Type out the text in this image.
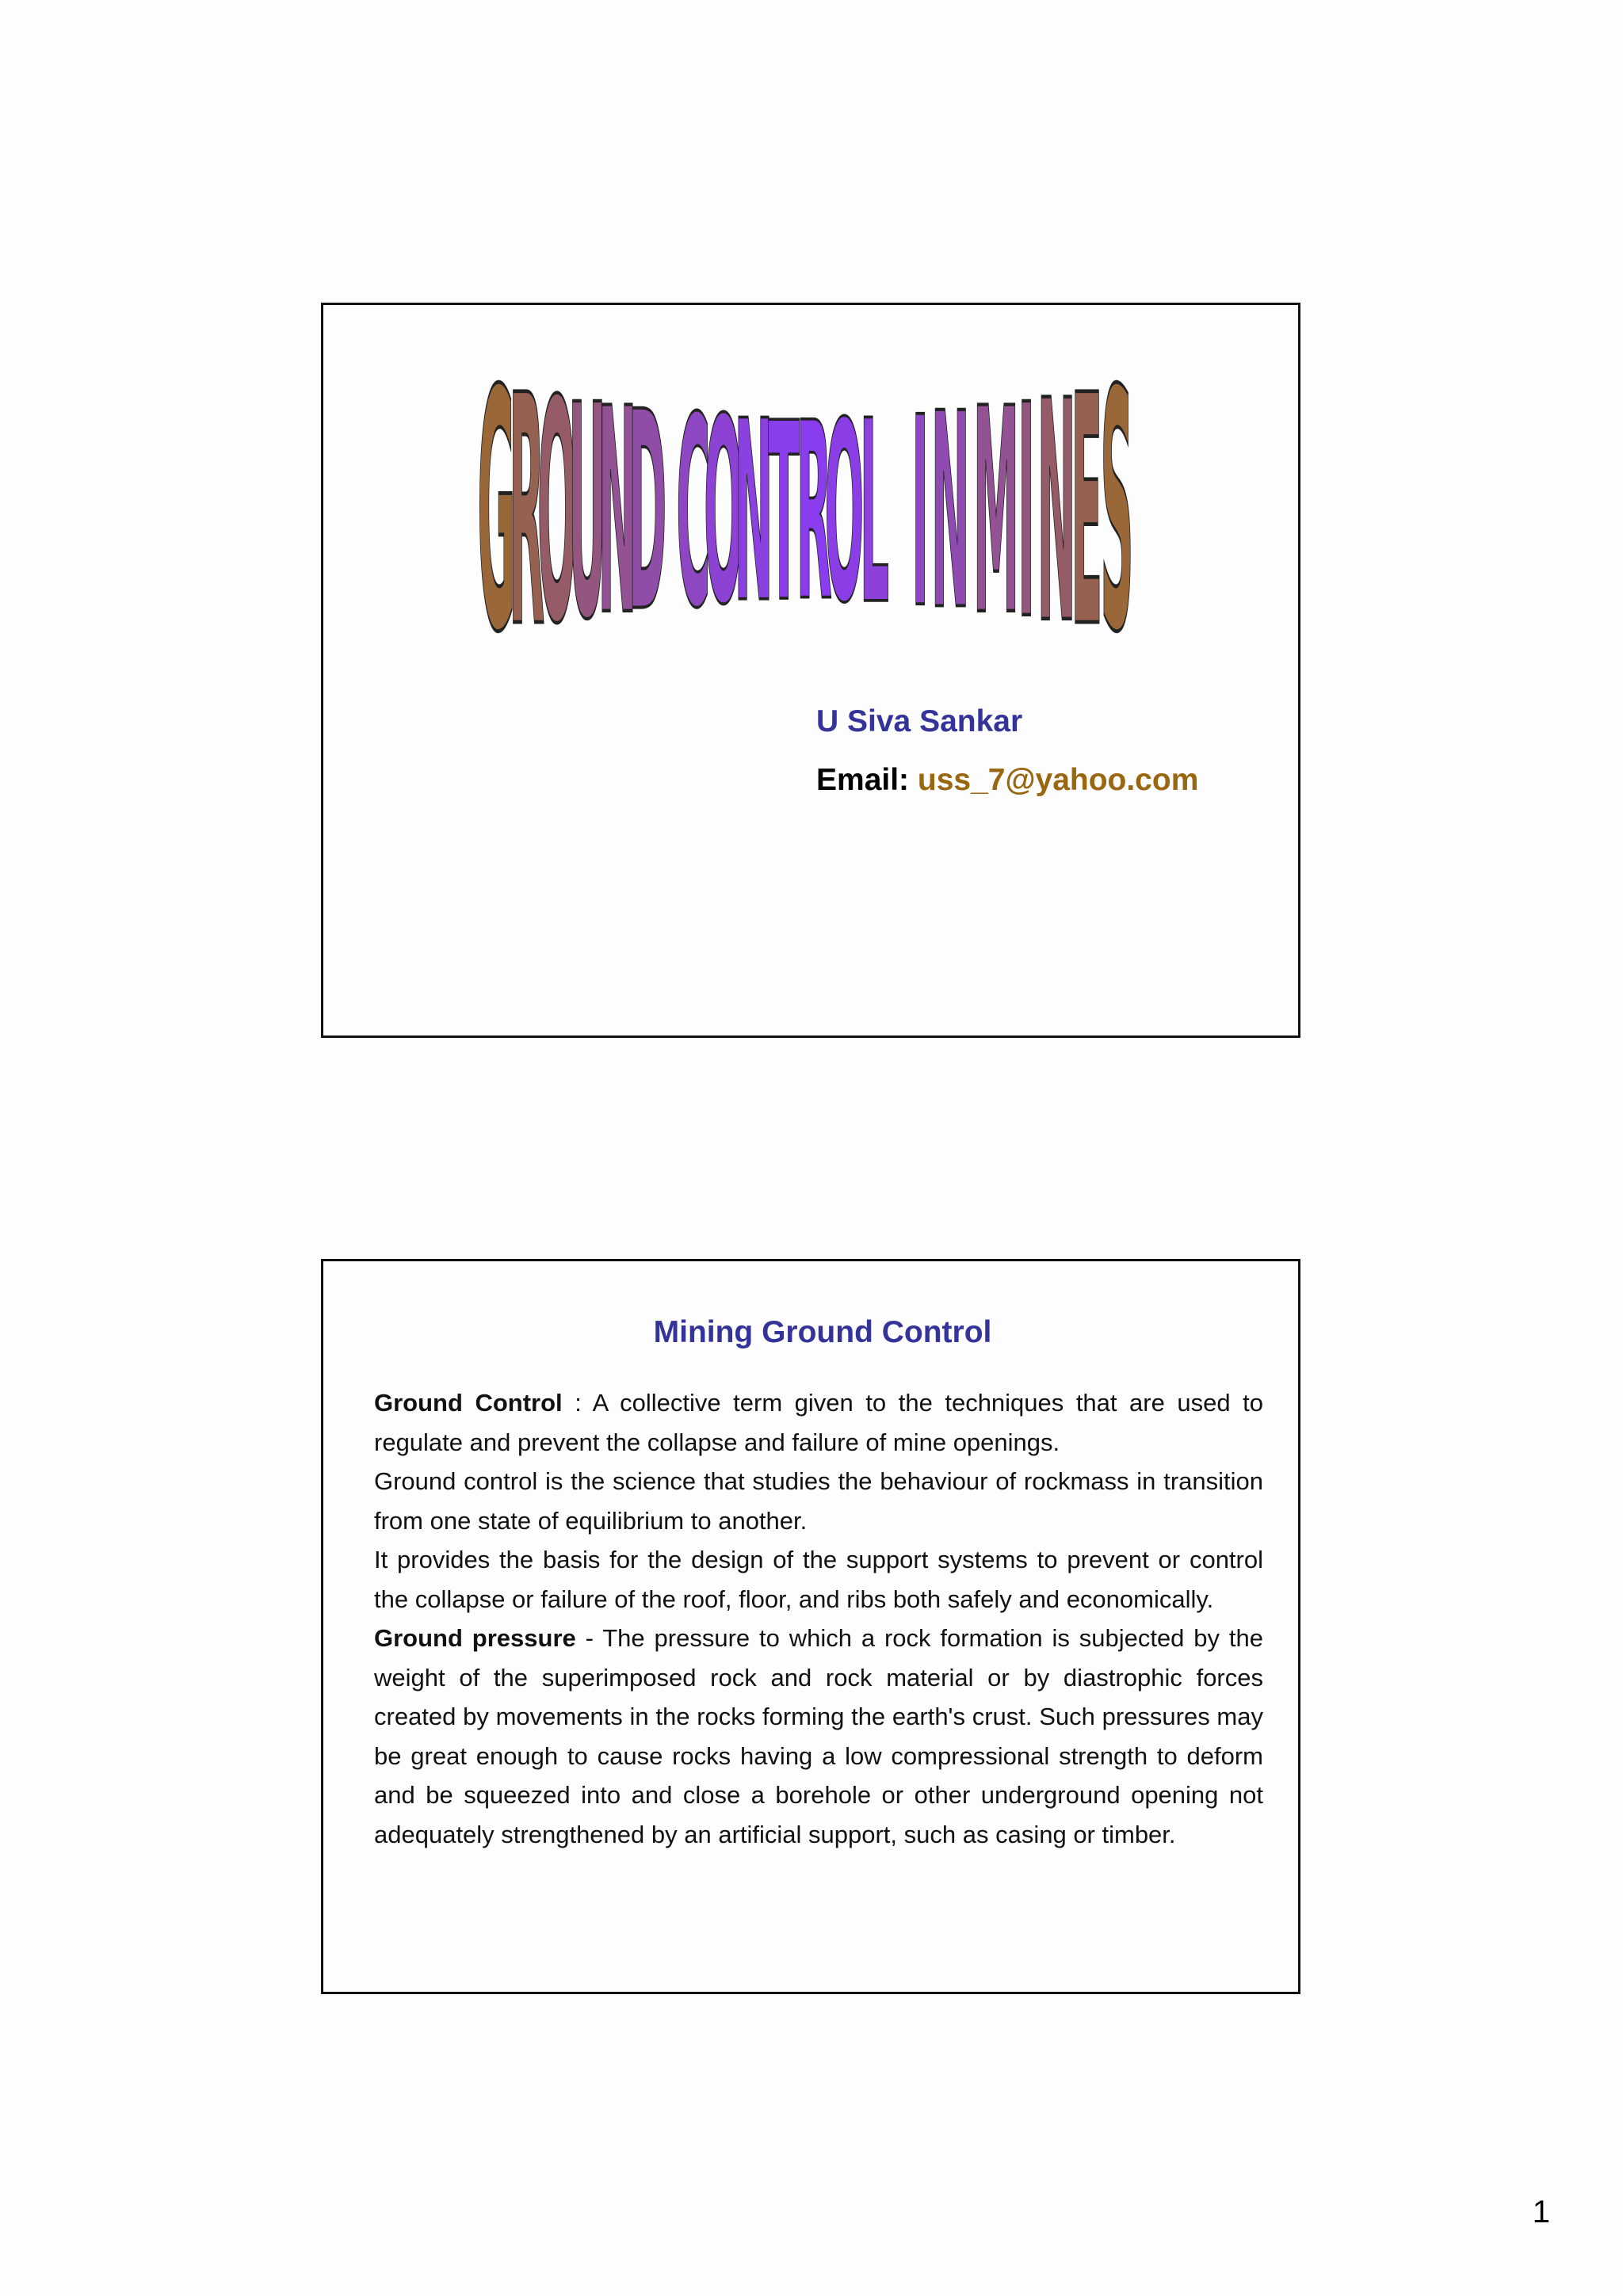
G
R
O
U
N
D C
O
N
T
R
O
L I N M
I N
E
S
U Siva Sankar
Email: uss_7@yahoo.com
Mining Ground Control

Ground Control : A collective term given to the techniques that are used to regulate and prevent the collapse and failure of mine openings.

Ground control is the science that studies the behaviour of rockmass in transition from one state of equilibrium to another.

It provides the basis for the design of the support systems to prevent or control the collapse or failure of the roof, floor, and ribs both safely and economically.

Ground pressure - The pressure to which a rock formation is subjected by the weight of the superimposed rock and rock material or by diastrophic forces created by movements in the rocks forming the earth's crust. Such pressures may be great enough to cause rocks having a low compressional strength to deform and be squeezed into and close a borehole or other underground opening not adequately strengthened by an artificial support, such as casing or timber.

1
